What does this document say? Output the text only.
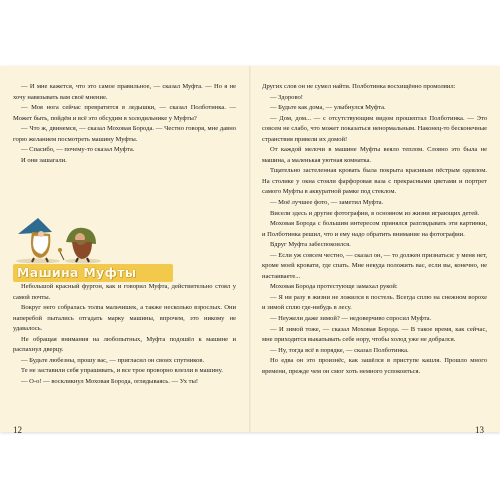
— И мне кажется, что это самое правильное, — сказал Муфта. — Но я не хочу навязывать вам своё мнение.

— Моя нога сейчас превратится в ледышки, — сказал Полботинка. — Может быть, пойдём и всё это обсудим в холодильнике у Муфты?

— Что ж, двинемся, — сказал Моховая Борода. — Честно говоря, мне давно горю желанием посмотреть машину Муфты.

— Спасибо, — почему-то сказал Муфта.

И они зашагали.

Машина Муфты

Небольшой красный фургон, как и говорил Муфта, действительно стоял у самой почты.

Вокруг него собралась толпа мальчишек, а также несколько взрослых. Они наперебой пытались отгадать марку машины, впрочем, это никому не удавалось.

Не обращая внимания на любопытных, Муфта подошёл к машине и распахнул дверцу.

— Будьте любезны, прошу вас, — пригласил он своих спутников.

Те не заставили себя упрашивать, и все трое проворно влезли в машину.

— О-о! — воскликнул Моховая Борода, оглядываясь. — Ух ты!

Других слов он не сумел найти. Полботинка восхищённо промолвил:

— Здорово!

— Будьте как дома, — улыбнулся Муфта.

— Дом, дом... — с отсутствующим видом прошептал Полботинка. — Это совсем не слабо, что может показаться ненормальным. Наконец-то бесконечные странствия привели их домой!

От каждой мелочи в машине Муфты веяло теплом. Словно это была не машина, а маленькая уютная комнатка.

Тщательно застеленная кровать была покрыта красивым пёстрым одеялом. На столике у окна стояли фарфоровая ваза с прекрасными цветами и портрет самого Муфты в аккуратной рамке под стеклом.

— Моё лучшее фото, — заметил Муфта.

Висели здесь и другие фотографии, в основном из жизни играющих детей.

Моховая Борода с большим интересом принялся разглядывать эти картинки, и Полботинка решил, что и ему надо обратить внимание на фотографии.

Вдруг Муфта забеспокоился.

— Если уж совсем честно, — сказал он, — то должен признаться: у меня нет, кроме моей кровати, где спать. Мне некуда положить вас, если вы, конечно, не настаиваете...

Моховая Борода протестующе замахал рукой:

— Я ни разу в жизни не ложился в постель. Всегда сплю на снежном ворохе и зимой сплю где-нибудь в лесу.

— Неужели даже зимой? — недоверчиво спросил Муфта.

— И зимой тоже, — сказал Моховая Борода. — В такое время, как сейчас, мне приходится выкапывать себе нору, чтобы холод уже не добрался.

— Ну, тогда всё в порядке, — сказал Полботинка.

Но едва он это произнёс, как зашёлся в приступе кашля. Прошло много времени, прежде чем он смог хоть немного успокоиться.

12	13
